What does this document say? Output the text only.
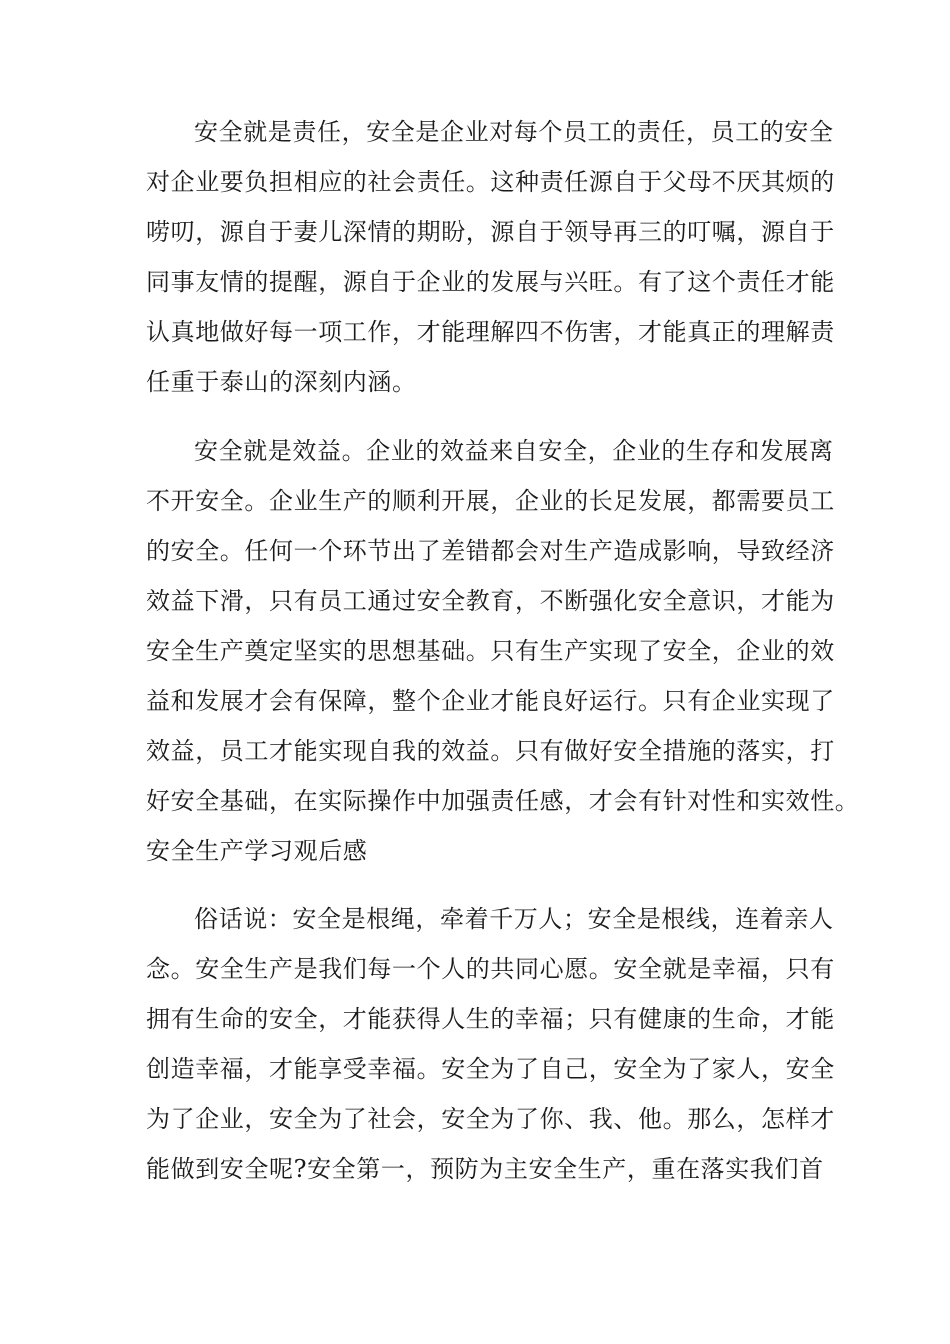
安全就是责任，安全是企业对每个员工的责任，员工的安全
对企业要负担相应的社会责任。这种责任源自于父母不厌其烦的
唠叨，源自于妻儿深情的期盼，源自于领导再三的叮嘱，源自于
同事友情的提醒，源自于企业的发展与兴旺。有了这个责任才能
认真地做好每一项工作，才能理解四不伤害，才能真正的理解责
任重于泰山的深刻内涵。
安全就是效益。企业的效益来自安全，企业的生存和发展离
不开安全。企业生产的顺利开展，企业的长足发展，都需要员工
的安全。任何一个环节出了差错都会对生产造成影响，导致经济
效益下滑，只有员工通过安全教育，不断强化安全意识，才能为
安全生产奠定坚实的思想基础。只有生产实现了安全，企业的效
益和发展才会有保障，整个企业才能良好运行。只有企业实现了
效益，员工才能实现自我的效益。只有做好安全措施的落实，打
好安全基础，在实际操作中加强责任感，才会有针对性和实效性。
安全生产学习观后感
俗话说：安全是根绳，牵着千万人；安全是根线，连着亲人
念。安全生产是我们每一个人的共同心愿。安全就是幸福，只有
拥有生命的安全，才能获得人生的幸福；只有健康的生命，才能
创造幸福，才能享受幸福。安全为了自己，安全为了家人，安全
为了企业，安全为了社会，安全为了你、我、他。那么，怎样才
能做到安全呢?安全第一，预防为主安全生产，重在落实我们首
